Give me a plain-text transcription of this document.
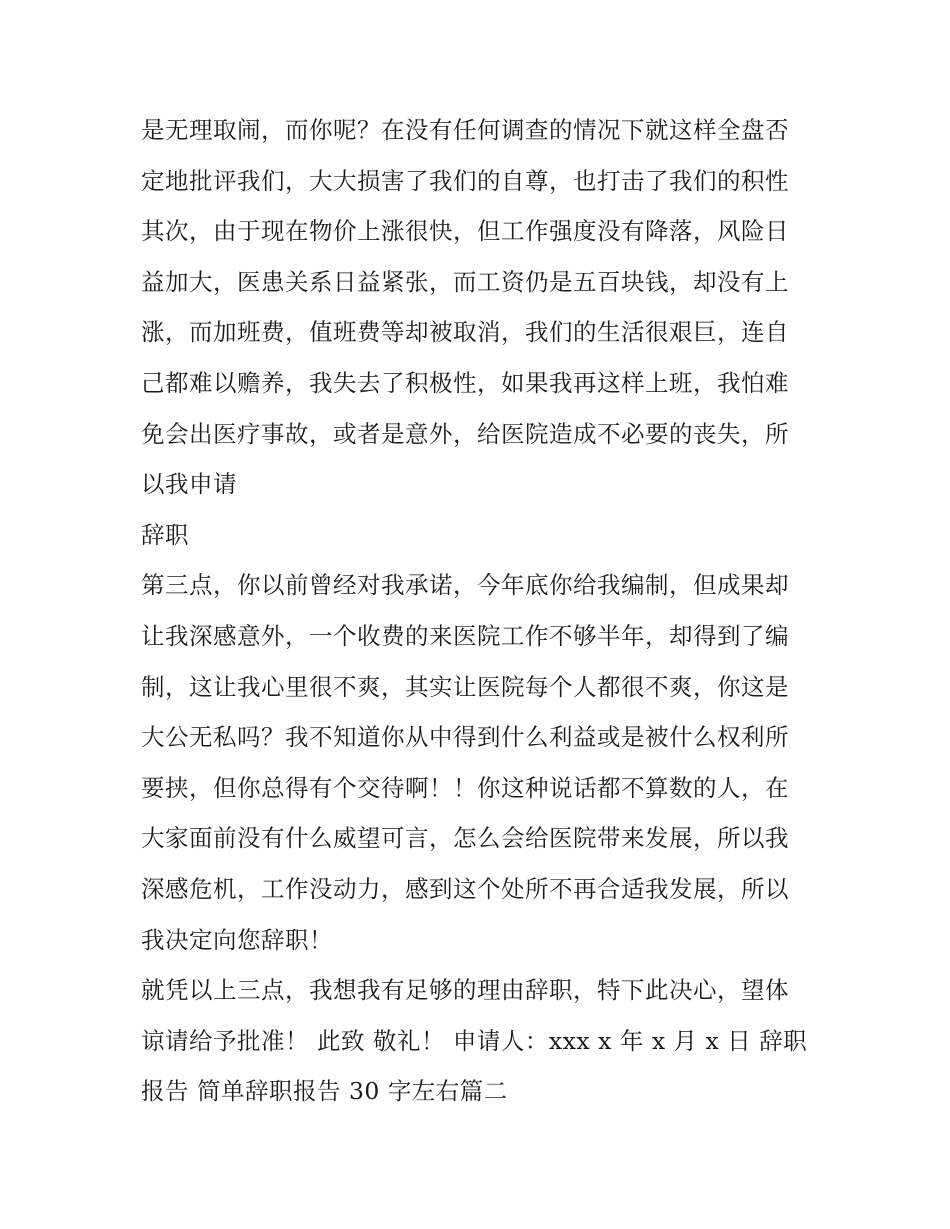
是无理取闹，而你呢？在没有任何调查的情况下就这样全盘否
定地批评我们，大大损害了我们的自尊，也打击了我们的积性
其次，由于现在物价上涨很快，但工作强度没有降落，风险日
益加大，医患关系日益紧张，而工资仍是五百块钱，却没有上
涨，而加班费，值班费等却被取消，我们的生活很艰巨，连自
己都难以赡养，我失去了积极性，如果我再这样上班，我怕难
免会出医疗事故，或者是意外，给医院造成不必要的丧失，所
以我申请
辞职
第三点，你以前曾经对我承诺，今年底你给我编制，但成果却
让我深感意外，一个收费的来医院工作不够半年，却得到了编
制，这让我心里很不爽，其实让医院每个人都很不爽，你这是
大公无私吗？我不知道你从中得到什么利益或是被什么权利所
要挟，但你总得有个交待啊！！你这种说话都不算数的人，在
大家面前没有什么威望可言，怎么会给医院带来发展，所以我
深感危机，工作没动力，感到这个处所不再合适我发展，所以
我决定向您辞职！
就凭以上三点，我想我有足够的理由辞职，特下此决心，望体
谅请给予批准！ 此致 敬礼！ 申请人：xxx x 年 x 月 x 日 辞职
报告 简单辞职报告 30 字左右篇二
